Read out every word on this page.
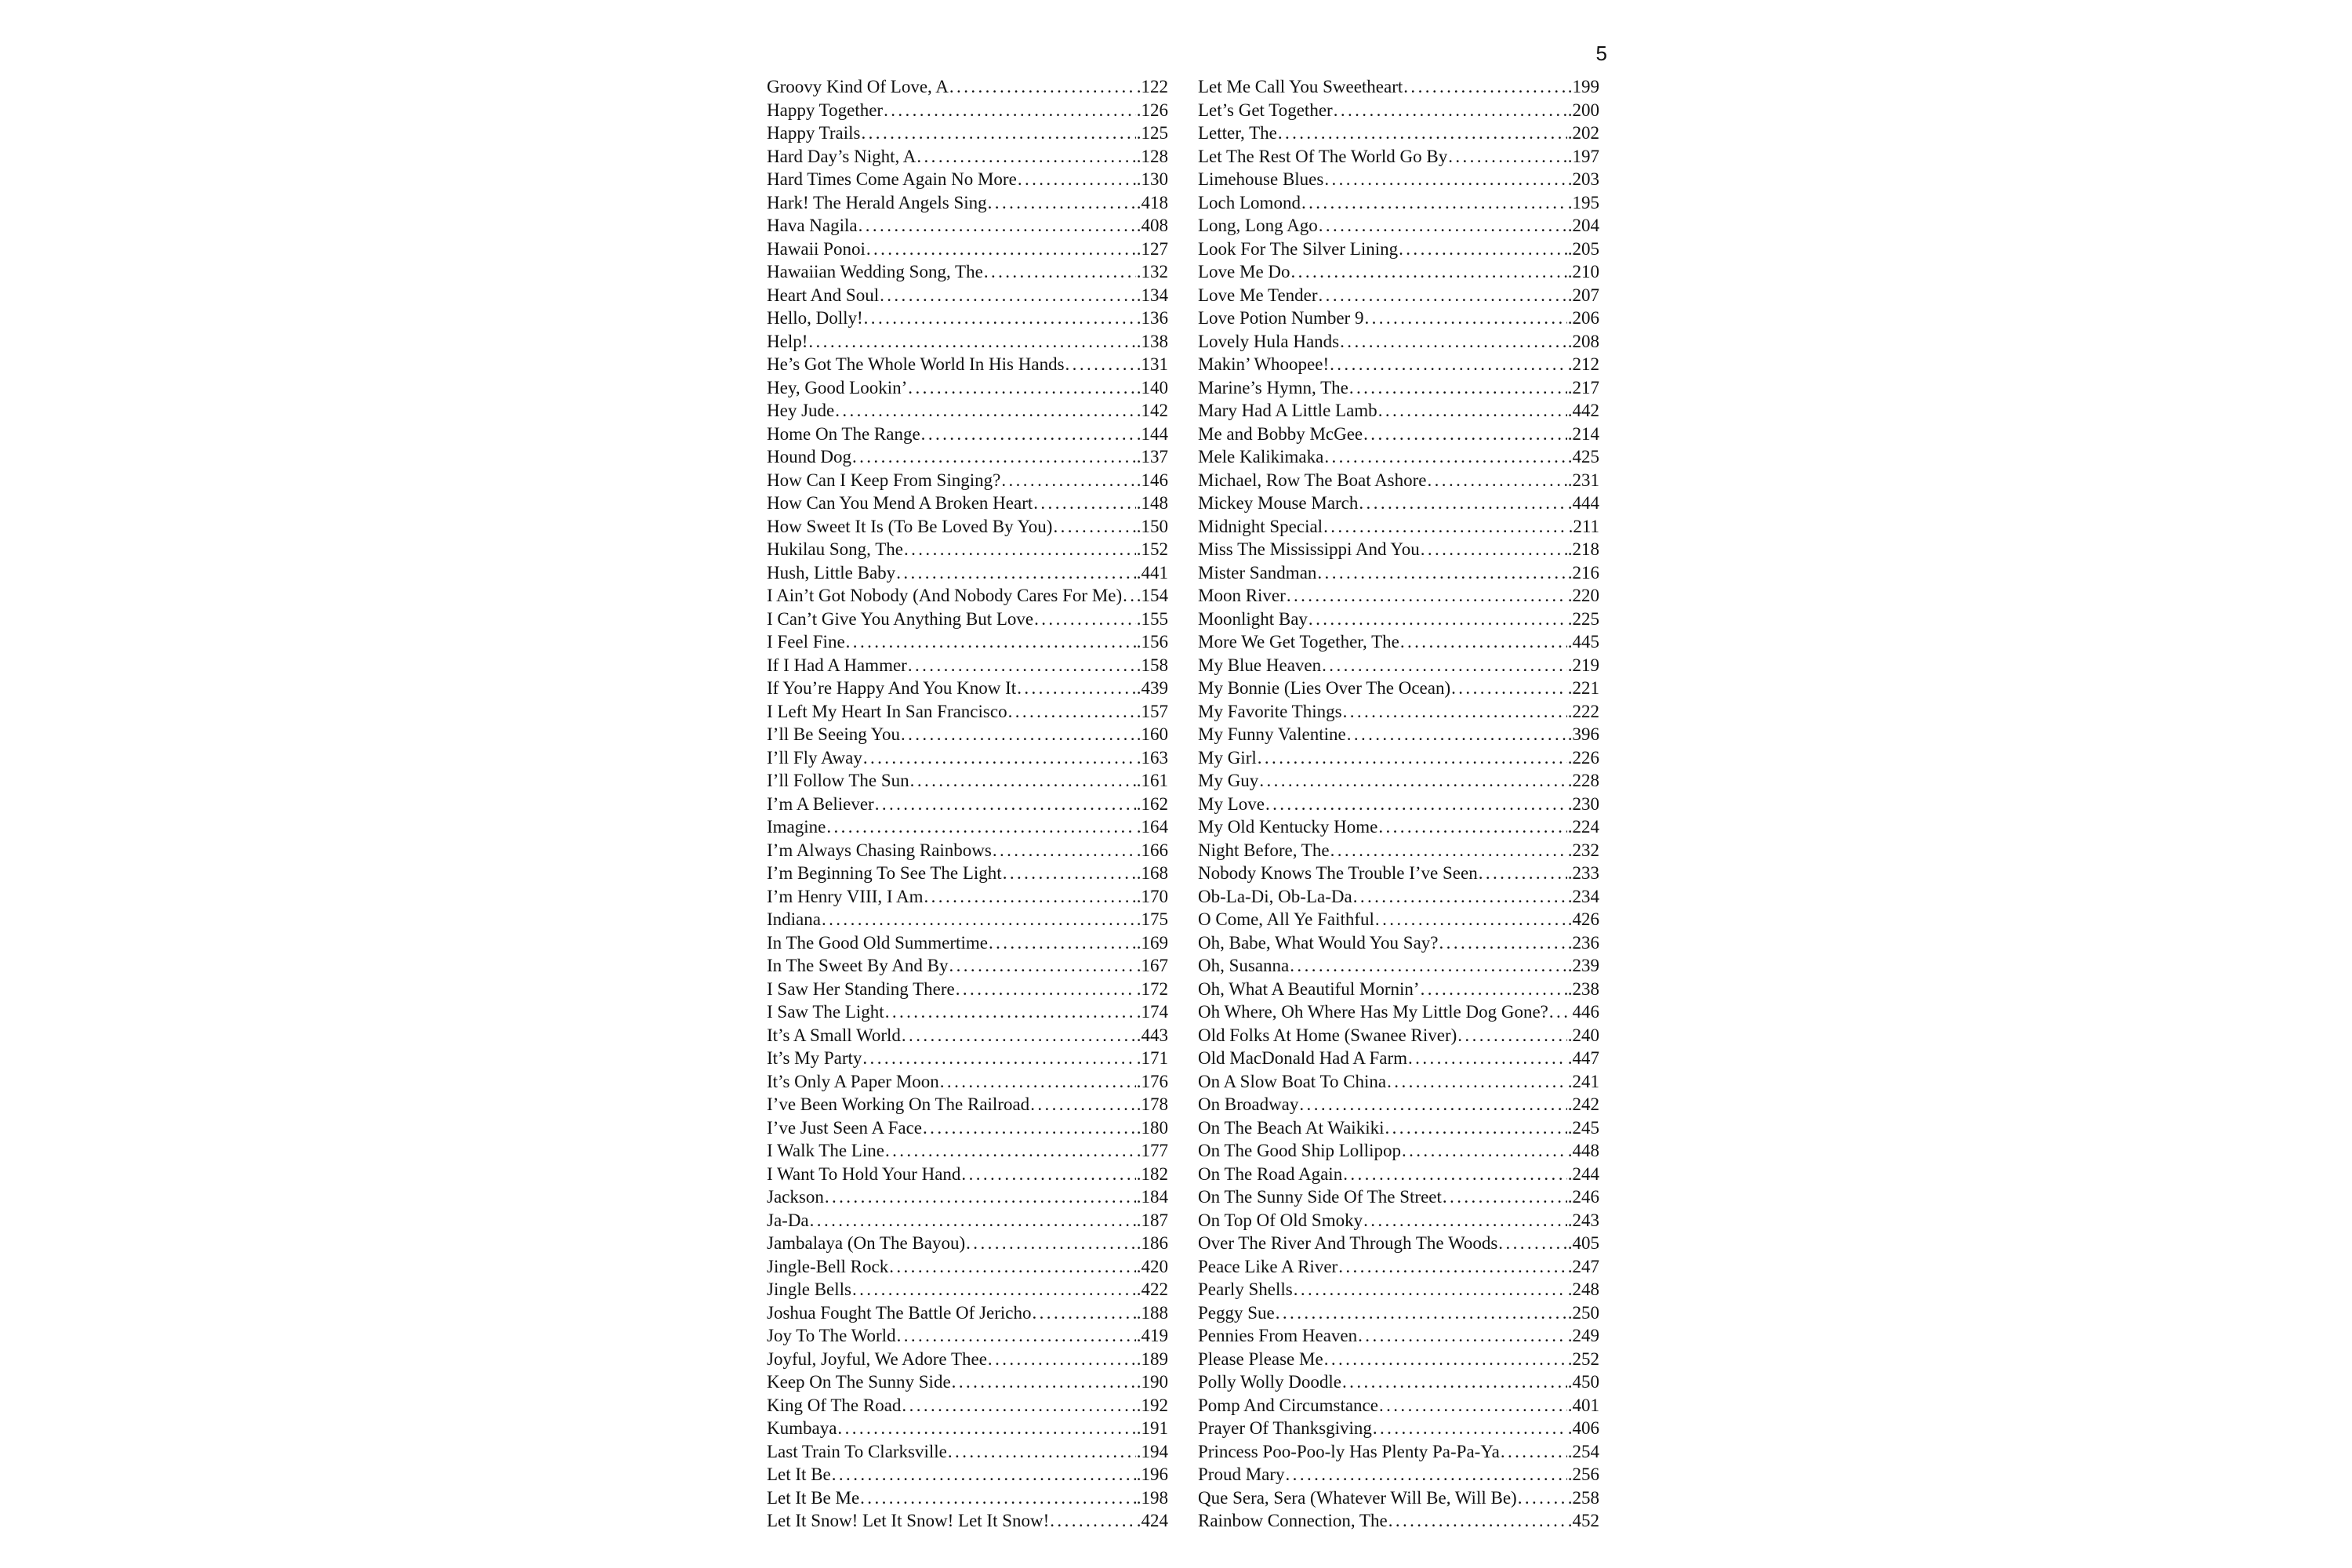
5
Groovy Kind Of Love, A .....	.122
Happy Together .....	.126
Happy Trails .....	.125
Hard Day’s Night, A .....	.128
Hard Times Come Again No More .....	.130
Hark! The Herald Angels Sing .....	.418
Hava Nagila .....	.408
Hawaii Ponoi .....	.127
Hawaiian Wedding Song, The .....	.132
Heart And Soul .....	.134
Hello, Dolly! .....	.136
Help! .....	.138
He’s Got The Whole World In His Hands .....	.131
Hey, Good Lookin’ .....	.140
Hey Jude .....	.142
Home On The Range .....	.144
Hound Dog .....	.137
How Can I Keep From Singing? .....	.146
How Can You Mend A Broken Heart .....	.148
How Sweet It Is (To Be Loved By You) .....	.150
Hukilau Song, The .....	.152
Hush, Little Baby .....	.441
I Ain’t Got Nobody (And Nobody Cares For Me) ..... .154
I Can’t Give You Anything But Love .....	.155
I Feel Fine .....	.156
If I Had A Hammer .....	.158
If You’re Happy And You Know It .....	.439
I Left My Heart In San Francisco .....	.157
I’ll Be Seeing You .....	.160
I’ll Fly Away .....	.163
I’ll Follow The Sun .....	.161
I’m A Believer .....	.162
Imagine .....	.164
I’m Always Chasing Rainbows .....	.166
I’m Beginning To See The Light .....	.168
I’m Henry VIII, I Am .....	.170
Indiana .....	.175
In The Good Old Summertime .....	.169
In The Sweet By And By .....	.167
I Saw Her Standing There .....	.172
I Saw The Light .....	.174
It’s A Small World .....	.443
It’s My Party .....	.171
It’s Only A Paper Moon .....	.176
I’ve Been Working On The Railroad .....	.178
I’ve Just Seen A Face .....	.180
I Walk The Line .....	.177
I Want To Hold Your Hand .....	.182
Jackson .....	.184
Ja-Da .....	.187
Jambalaya (On The Bayou) .....	.186
Jingle-Bell Rock .....	.420
Jingle Bells .....	.422
Joshua Fought The Battle Of Jericho .....	.188
Joy To The World .....	.419
Joyful, Joyful, We Adore Thee .....	.189
Keep On The Sunny Side .....	.190
King Of The Road .....	.192
Kumbaya .....	.191
Last Train To Clarksville .....	.194
Let It Be .....	.196
Let It Be Me .....	.198
Let It Snow! Let It Snow! Let It Snow! .....	.424
Let Me Call You Sweetheart .....	.199
Let’s Get Together .....	.200
Letter, The .....	.202
Let The Rest Of The World Go By .....	.197
Limehouse Blues .....	.203
Loch Lomond .....	.195
Long, Long Ago .....	.204
Look For The Silver Lining .....	.205
Love Me Do .....	.210
Love Me Tender .....	.207
Love Potion Number 9 .....	.206
Lovely Hula Hands .....	.208
Makin’ Whoopee! .....	.212
Marine’s Hymn, The .....	.217
Mary Had A Little Lamb .....	.442
Me and Bobby McGee .....	.214
Mele Kalikimaka .....	.425
Michael, Row The Boat Ashore .....	.231
Mickey Mouse March .....	.444
Midnight Special .....	.211
Miss The Mississippi And You .....	.218
Mister Sandman .....	.216
Moon River .....	.220
Moonlight Bay .....	.225
More We Get Together, The .....	.445
My Blue Heaven .....	.219
My Bonnie (Lies Over The Ocean) .....	.221
My Favorite Things .....	.222
My Funny Valentine .....	.396
My Girl .....	.226
My Guy .....	.228
My Love .....	.230
My Old Kentucky Home .....	.224
Night Before, The .....	.232
Nobody Knows The Trouble I’ve Seen .....	.233
Ob-La-Di, Ob-La-Da .....	.234
O Come, All Ye Faithful .....	.426
Oh, Babe, What Would You Say? .....	.236
Oh, Susanna .....	.239
Oh, What A Beautiful Mornin’ .....	.238
Oh Where, Oh Where Has My Little Dog Gone? ..... 446
Old Folks At Home (Swanee River) .....	.240
Old MacDonald Had A Farm .....	.447
On A Slow Boat To China .....	.241
On Broadway .....	.242
On The Beach At Waikiki .....	.245
On The Good Ship Lollipop .....	.448
On The Road Again .....	.244
On The Sunny Side Of The Street .....	.246
On Top Of Old Smoky .....	.243
Over The River And Through The Woods .....	.405
Peace Like A River .....	.247
Pearly Shells .....	.248
Peggy Sue .....	.250
Pennies From Heaven .....	.249
Please Please Me .....	.252
Polly Wolly Doodle .....	.450
Pomp And Circumstance .....	.401
Prayer Of Thanksgiving .....	.406
Princess Poo-Poo-ly Has Plenty Pa-Pa-Ya .....	.254
Proud Mary .....	.256
Que Sera, Sera (Whatever Will Be, Will Be) .....	258
Rainbow Connection, The .....	.452
